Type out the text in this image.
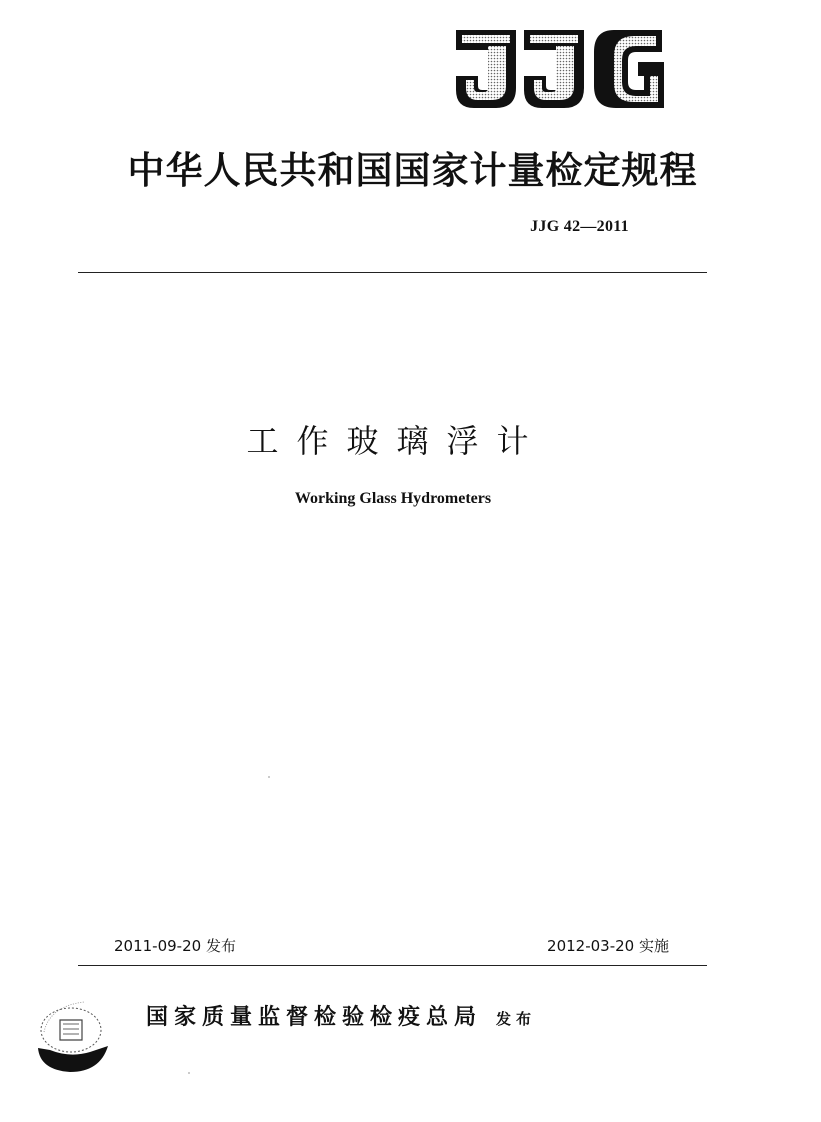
中华人民共和国国家计量检定规程
JJG 42—2011
工作玻璃浮计
Working Glass Hydrometers
2011-09-20 发布	2012-03-20 实施
国家质量监督检验检疫总局 发布
